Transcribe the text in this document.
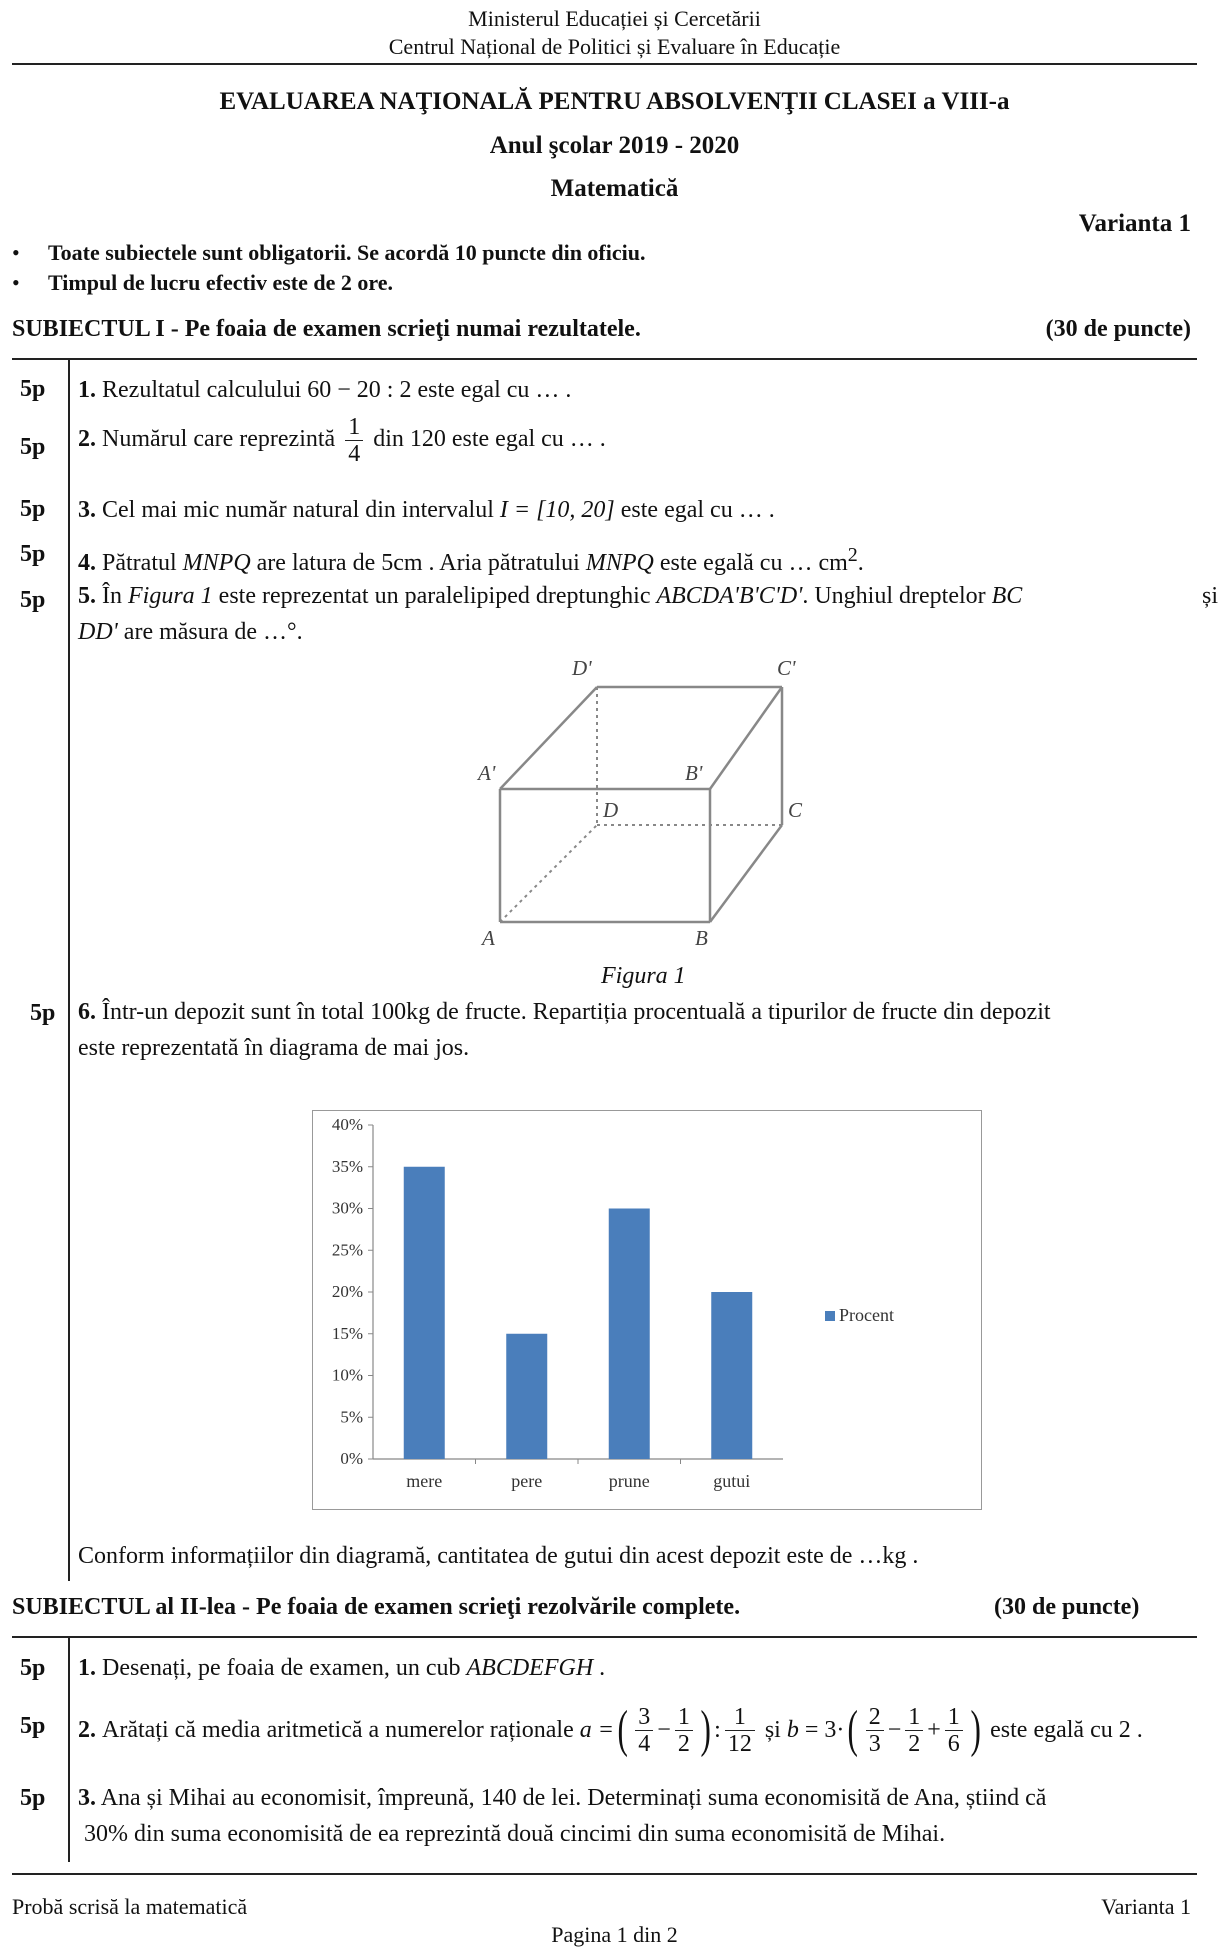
Ministerul Educației și Cercetării
Centrul Național de Politici și Evaluare în Educație
EVALUAREA NAŢIONALĂ PENTRU ABSOLVENŢII CLASEI a VIII-a
Anul şcolar 2019 - 2020
Matematică
Varianta 1
• Toate subiectele sunt obligatorii. Se acordă 10 puncte din oficiu.
• Timpul de lucru efectiv este de 2 ore.
SUBIECTUL I - Pe foaia de examen scrieţi numai rezultatele.	(30 de puncte)
5p	1. Rezultatul calculului 60 − 20 : 2 este egal cu … .
5p	2. Numărul care reprezintă $\frac{1}{4}$ din 120 este egal cu … .
5p	3. Cel mai mic număr natural din intervalul I = [10, 20] este egal cu … .
5p	4. Pătratul MNPQ are latura de 5cm . Aria pătratului MNPQ este egală cu … $cm^2$.
5p	5. În Figura 1 este reprezentat un paralelipiped dreptunghic ABCDA'B'C'D'. Unghiul dreptelor BC	și
DD' are măsura de …°.
D'	C'
A'	B'
D	C
A	B
Figura 1
5p 6. Într-un depozit sunt în total 100kg de fructe. Repartiția procentuală a tipurilor de fructe din depozit
este reprezentată în diagrama de mai jos.
0%
5%
10%
15%
20%
25%
30%
35%
40%
mere	pere	prune	gutui
Procent
Conform informațiilor din diagramă, cantitatea de gutui din acest depozit este de …kg .
SUBIECTUL al II-lea - Pe foaia de examen scrieţi rezolvările complete.	(30 de puncte)
5p	1. Desenați, pe foaia de examen, un cub ABCDEFGH .
5p	2.
Arătați că media aritmetică a numerelor raționale
a = ( $\frac{3}{4} - \frac{1}{2}$ ) : $\frac{1}{12}$
și
b = 3· ( $\frac{2}{3} - \frac{1}{2} + \frac{1}{6}$ )
este egală cu 2 .
5p	3. Ana și Mihai au economisit, împreună, 140 de lei. Determinați suma economisită de Ana, știind că
30% din suma economisită de ea reprezintă două cincimi din suma economisită de Mihai.
Probă scrisă la matematică	Varianta 1
Pagina 1 din 2
